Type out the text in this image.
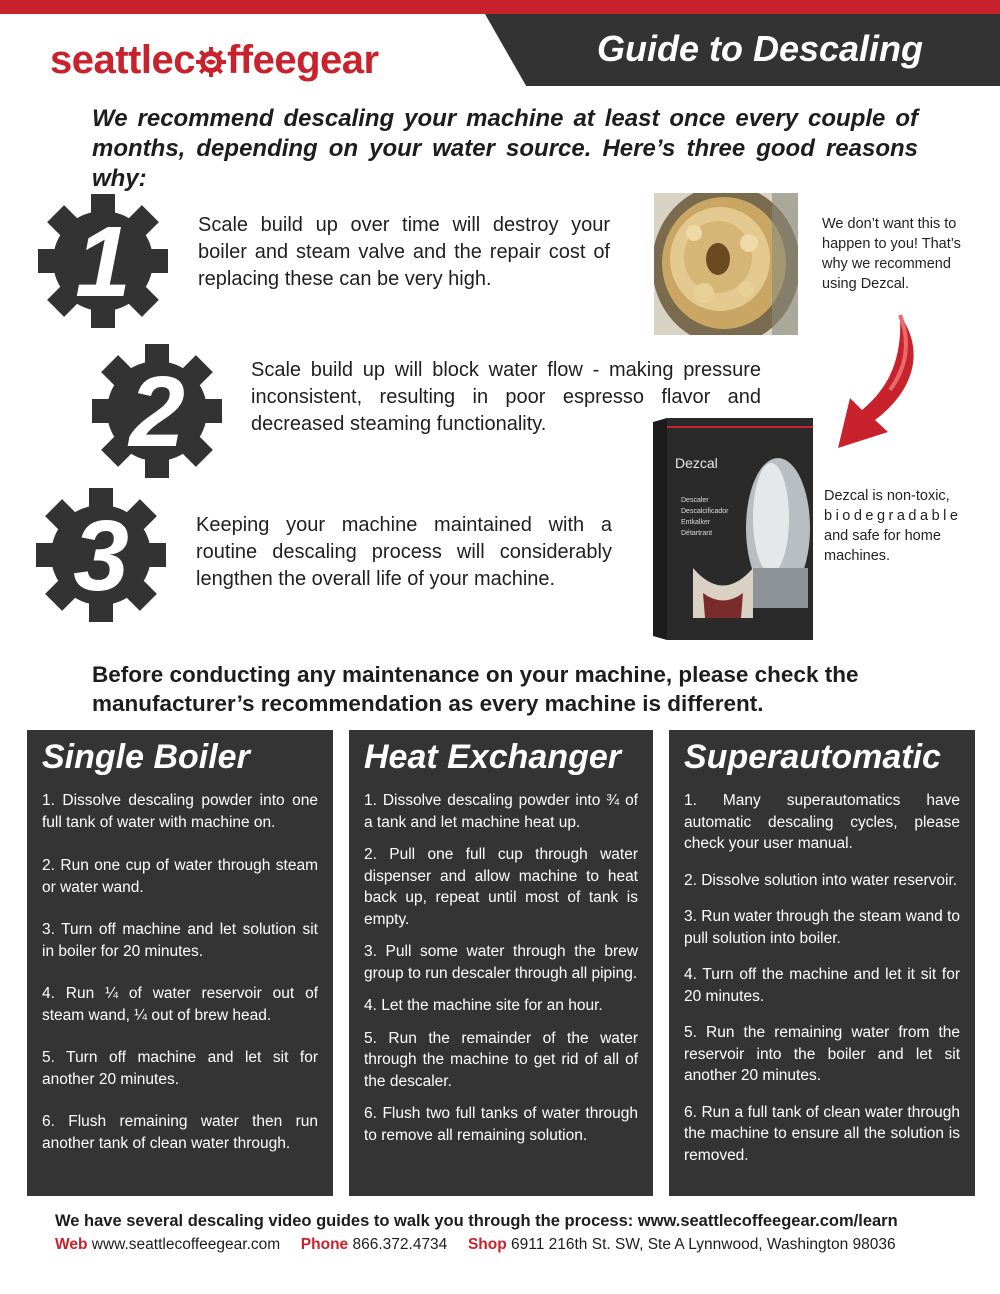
Guide to Descaling
seattlec ffeegear
We recommend descaling your machine at least once every couple of months, depending on your water source. Here’s three good reasons why:
1	Scale build up over time will destroy your boiler and steam valve and the repair cost of replacing these can be very high.
2	Scale build up will block water flow - making pressure inconsistent, resulting in poor espresso flavor and decreased steaming functionality.
3	Keeping your machine maintained with a routine descaling process will considerably lengthen the overall life of your machine.
We don’t want this to happen to you! That’s why we recommend using Dezcal.
Dezcal
Descaler
Descalcificador
Entkalker
Détartrant
Dezcal is non-toxic,
biodegradable
and safe for home machines.
Before conducting any maintenance on your machine, please check the manufacturer’s recommendation as every machine is different.
Single Boiler
1. Dissolve descaling powder into one full tank of water with machine on.
2. Run one cup of water through steam or water wand.
3. Turn off machine and let solution sit in boiler for 20 minutes.
4. Run ¼ of water reservoir out of steam wand, ¼ out of brew head.
5. Turn off machine and let sit for another 20 minutes.
6. Flush remaining water then run another tank of clean water through.
Heat Exchanger
1. Dissolve descaling powder into ¾ of a tank and let machine heat up.
2. Pull one full cup through water dispenser and allow machine to heat back up, repeat until most of tank is empty.
3. Pull some water through the brew group to run descaler through all piping.
4. Let the machine site for an hour.
5. Run the remainder of the water through the machine to get rid of all of the descaler.
6. Flush two full tanks of water through to remove all remaining solution.
Superautomatic
1. Many superautomatics have automatic descaling cycles, please check your user manual.
2. Dissolve solution into water reservoir.
3. Run water through the steam wand to pull solution into boiler.
4. Turn off the machine and let it sit for 20 minutes.
5. Run the remaining water from the reservoir into the boiler and let sit another 20 minutes.
6. Run a full tank of clean water through the machine to ensure all the solution is removed.
We have several descaling video guides to walk you through the process: www.seattlecoffeegear.com/learn
Web www.seattlecoffeegear.com Phone 866.372.4734 Shop 6911 216th St. SW, Ste A Lynnwood, Washington 98036
